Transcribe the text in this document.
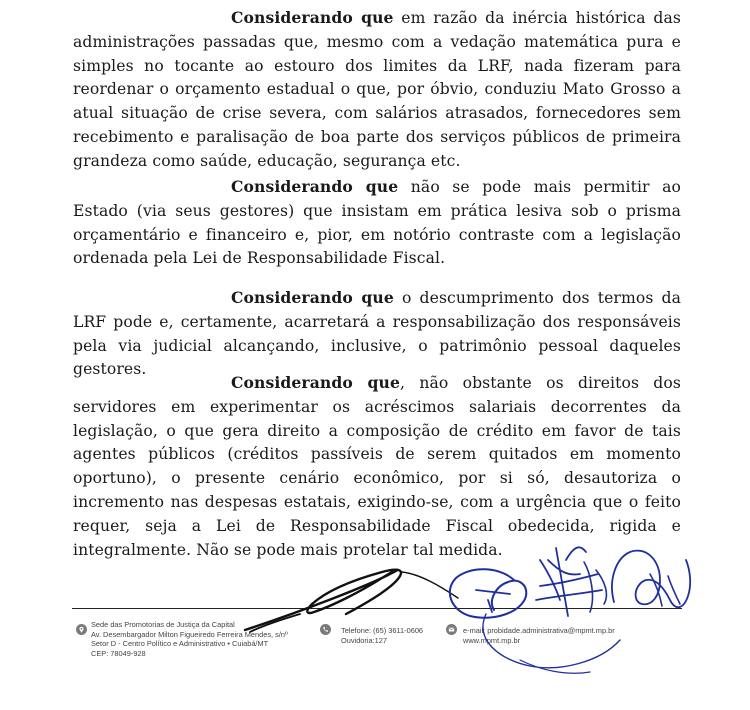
Considerando que em razão da inércia histórica das administrações passadas que, mesmo com a vedação matemática pura e simples no tocante ao estouro dos limites da LRF, nada fizeram para reordenar o orçamento estadual o que, por óbvio, conduziu Mato Grosso a atual situação de crise severa, com salários atrasados, fornecedores sem recebimento e paralisação de boa parte dos serviços públicos de primeira grandeza como saúde, educação, segurança etc.

Considerando que não se pode mais permitir ao Estado (via seus gestores) que insistam em prática lesiva sob o prisma orçamentário e financeiro e, pior, em notório contraste com a legislação ordenada pela Lei de Responsabilidade Fiscal.

Considerando que o descumprimento dos termos da LRF pode e, certamente, acarretará a responsabilização dos responsáveis pela via judicial alcançando, inclusive, o patrimônio pessoal daqueles gestores.

Considerando que, não obstante os direitos dos servidores em experimentar os acréscimos salariais decorrentes da legislação, o que gera direito a composição de crédito em favor de tais agentes públicos (créditos passíveis de serem quitados em momento oportuno), o presente cenário econômico, por si só, desautoriza o incremento nas despesas estatais, exigindo-se, com a urgência que o feito requer, seja a Lei de Responsabilidade Fiscal obedecida, rigida e integralmente. Não se pode mais protelar tal medida.

Sede das Promotorias de Justiça da Capital
Av. Desembargador Milton Figueiredo Ferreira Mendes, s/nº
Setor D - Centro Político e Administrativo • Cuiabá/MT
CEP: 78049-928
Telefone: (65) 3611-0606
Ouvidoria:127
e-mail: probidade.administrativa@mpmt.mp.br
www.mpmt.mp.br
